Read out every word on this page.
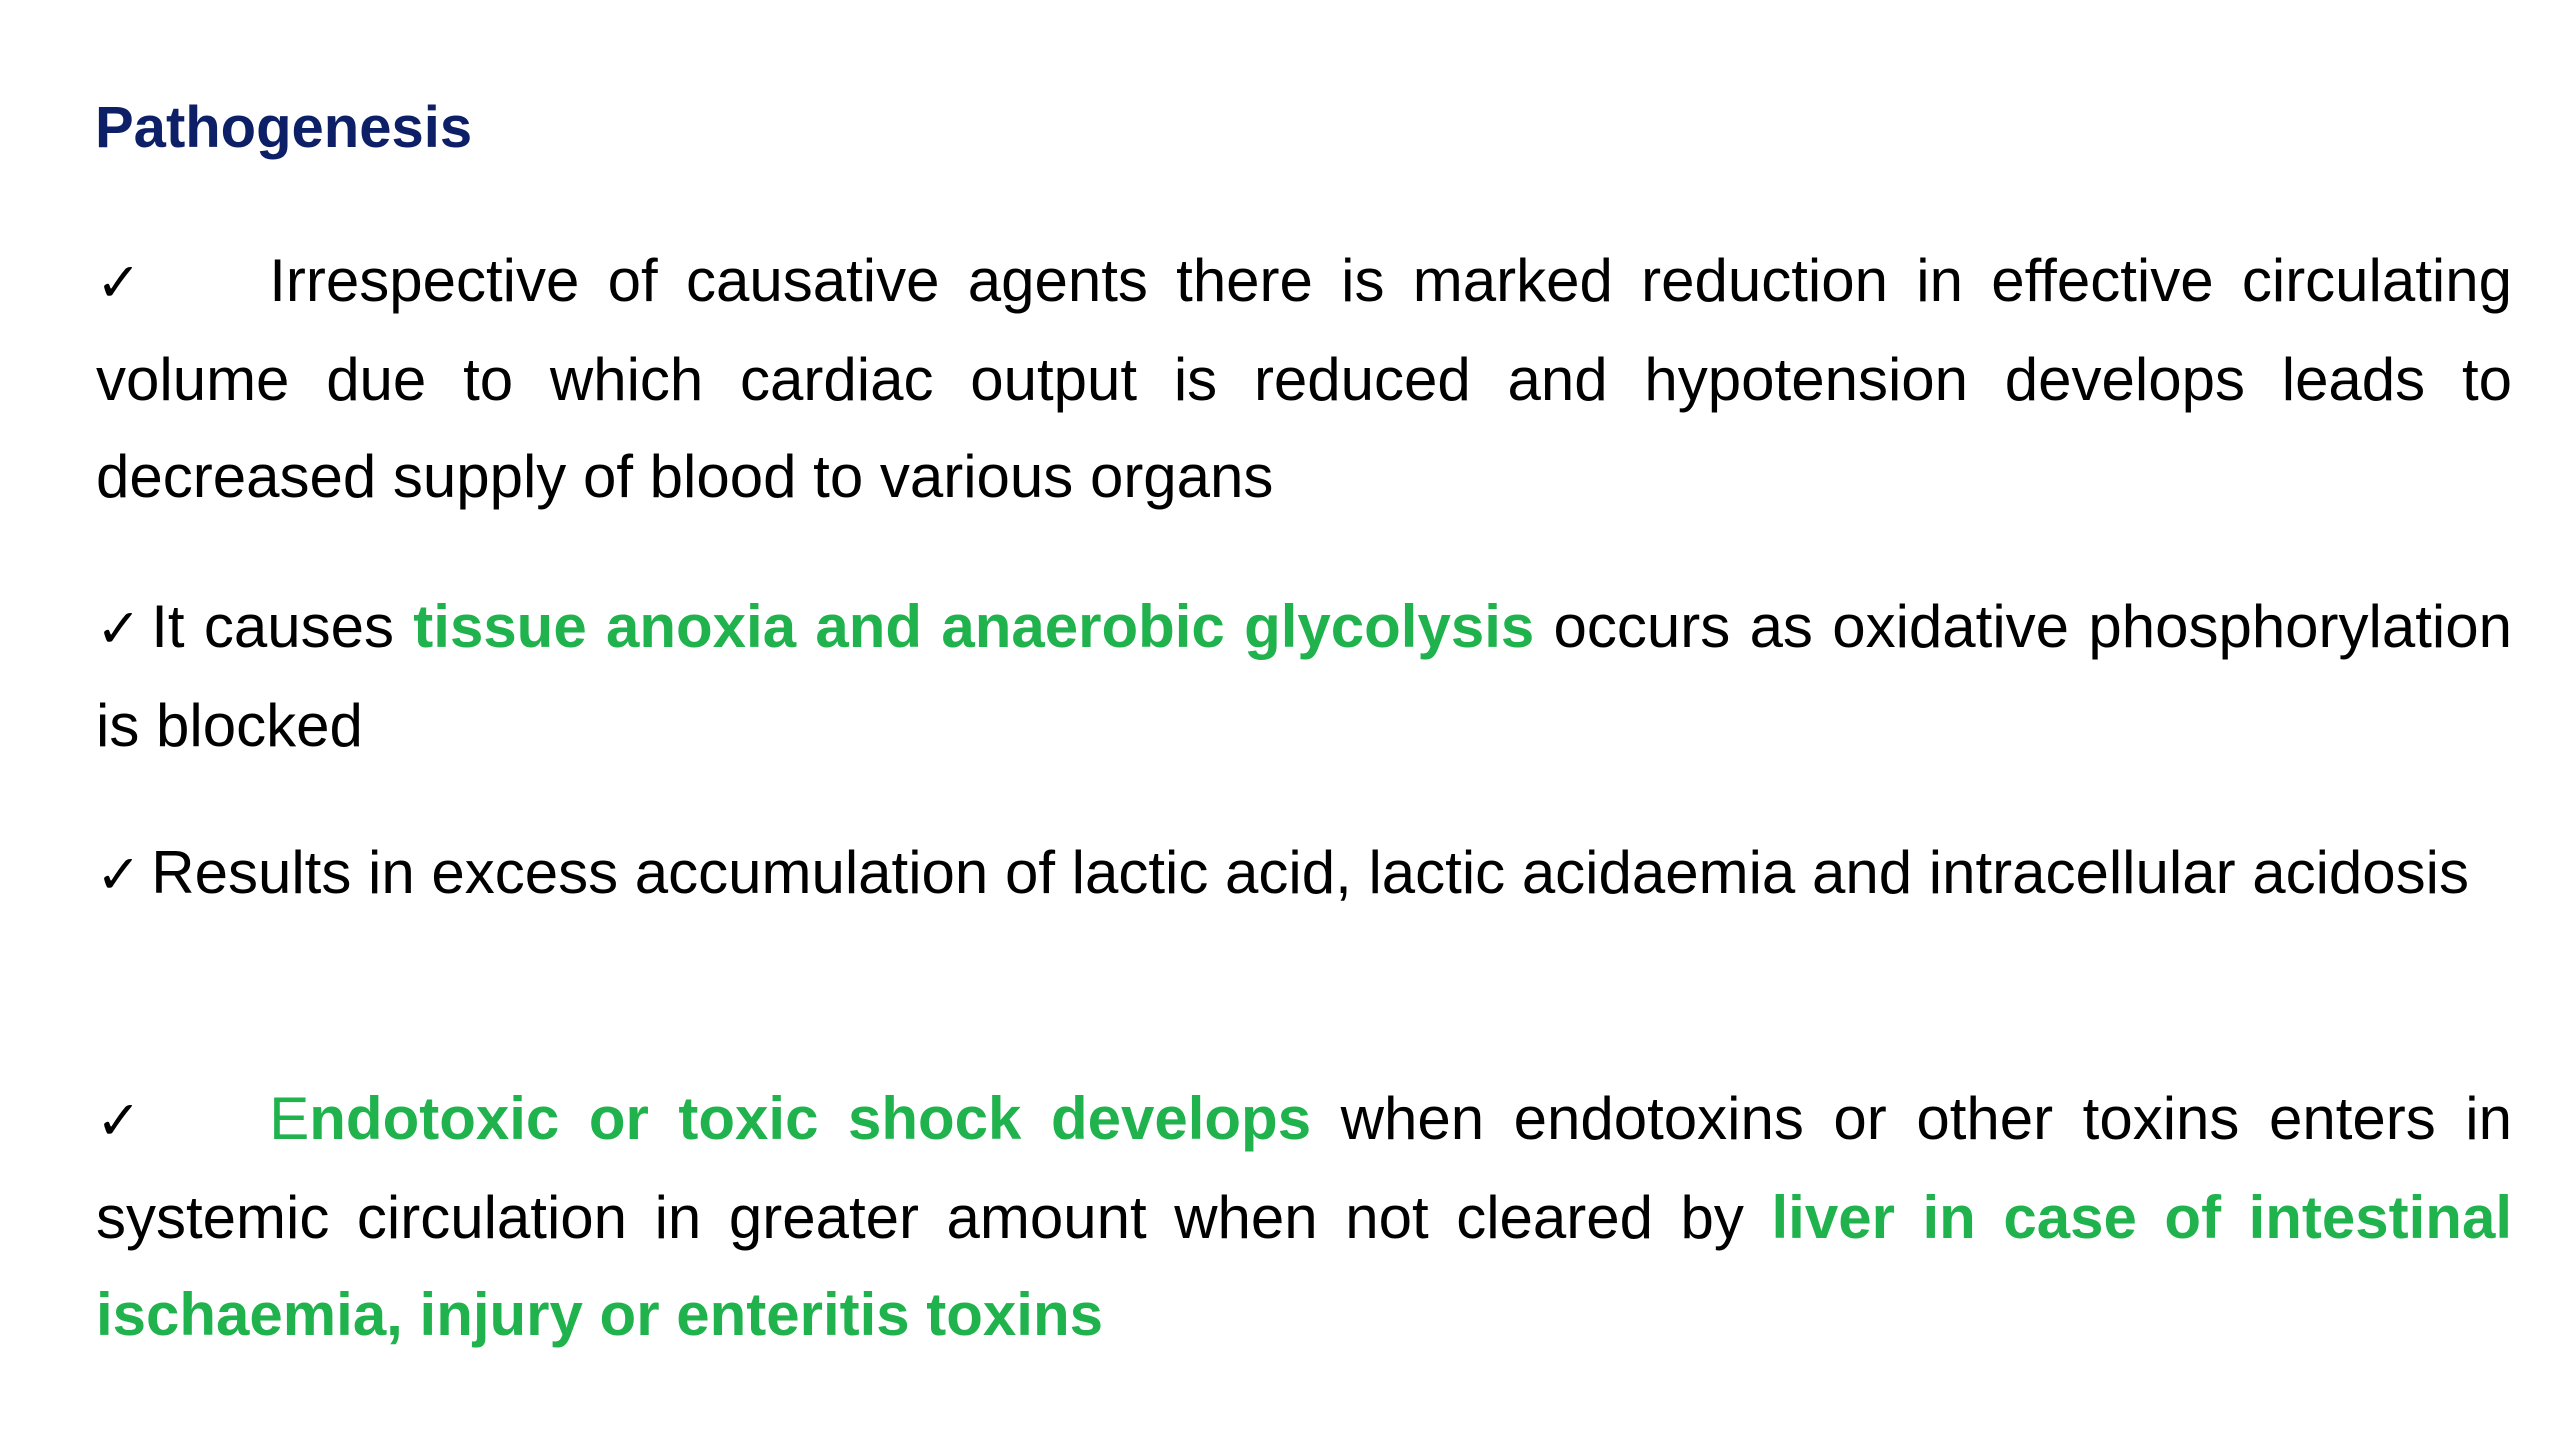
Pathogenesis
✓ Irrespective of causative agents there is marked reduction in effective circulating volume due to which cardiac output is reduced and hypotension develops leads to decreased supply of blood to various organs
✓ It causes tissue anoxia and anaerobic glycolysis occurs as oxidative phosphorylation is blocked
✓ Results in excess accumulation of lactic acid, lactic acidaemia and intracellular acidosis
✓ Endotoxic or toxic shock develops when endotoxins or other toxins enters in systemic circulation in greater amount when not cleared by liver in case of intestinal ischaemia, injury or enteritis toxins
